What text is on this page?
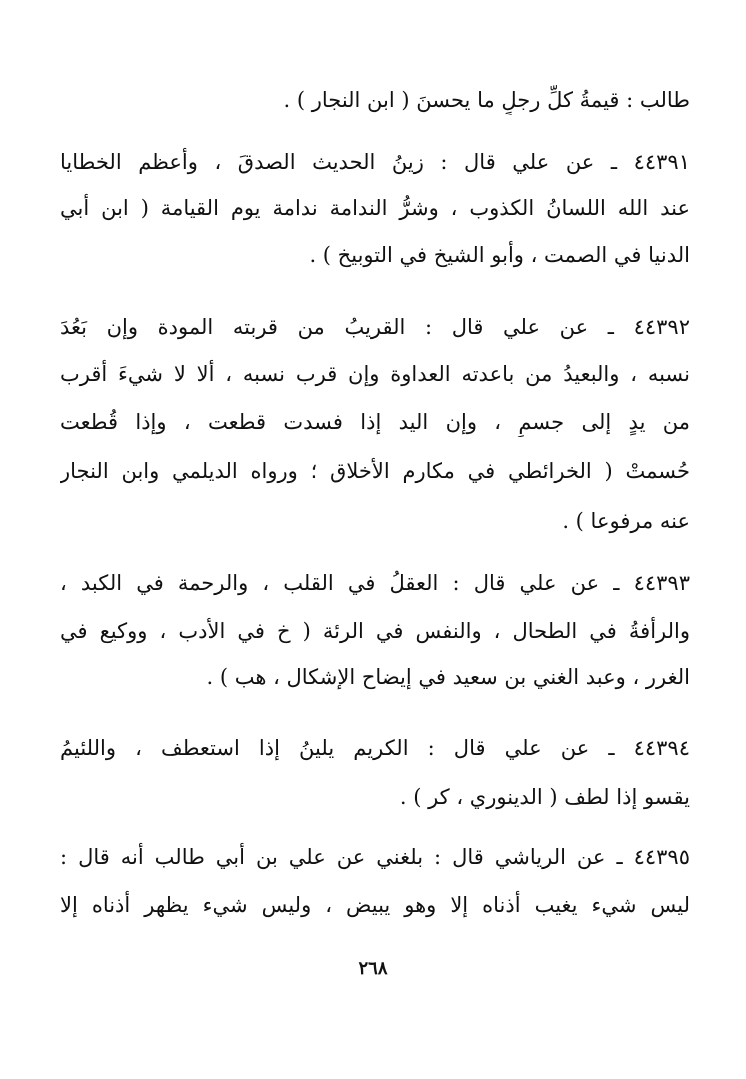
طالب : قيمةُ كلِّ رجلٍ ما يحسنَ ( ابن النجار ) .
٤٤٣٩١ ـ عن علي قال : زينُ الحديث الصدقَ ، وأعظم الخطايا
عند الله اللسانُ الكذوب ، وشرُّ الندامة ندامة يوم القيامة ( ابن أبي
الدنيا في الصمت ، وأبو الشيخ في التوبيخ ) .
٤٤٣٩٢ ـ عن علي قال : القريبُ من قربته المودة وإن بَعُدَ
نسبه ، والبعيدُ من باعدته العداوة وإن قرب نسبه ، ألا لا شيءَ أقرب
من يدٍ إلى جسمٍ ، وإن اليد إذا فسدت قطعت ، وإذا قُطعت
حُسمتْ ( الخرائطي في مكارم الأخلاق ؛ ورواه الديلمي وابن النجار
عنه مرفوعا ) .
٤٤٣٩٣ ـ عن علي قال : العقلُ في القلب ، والرحمة في الكبد ،
والرأفةُ في الطحال ، والنفس في الرئة ( خ في الأدب ، ووكيع في
الغرر ، وعبد الغني بن سعيد في إيضاح الإشكال ، هب ) .
٤٤٣٩٤ ـ عن علي قال : الكريم يلينُ إذا استعطف ، واللئيمُ
يقسو إذا لطف ( الدينوري ، كر ) .
٤٤٣٩٥ ـ عن الرياشي قال : بلغني عن علي بن أبي طالب أنه قال :
ليس شيء يغيب أذناه إلا وهو يبيض ، وليس شيء يظهر أذناه إلا
٢٦٨
